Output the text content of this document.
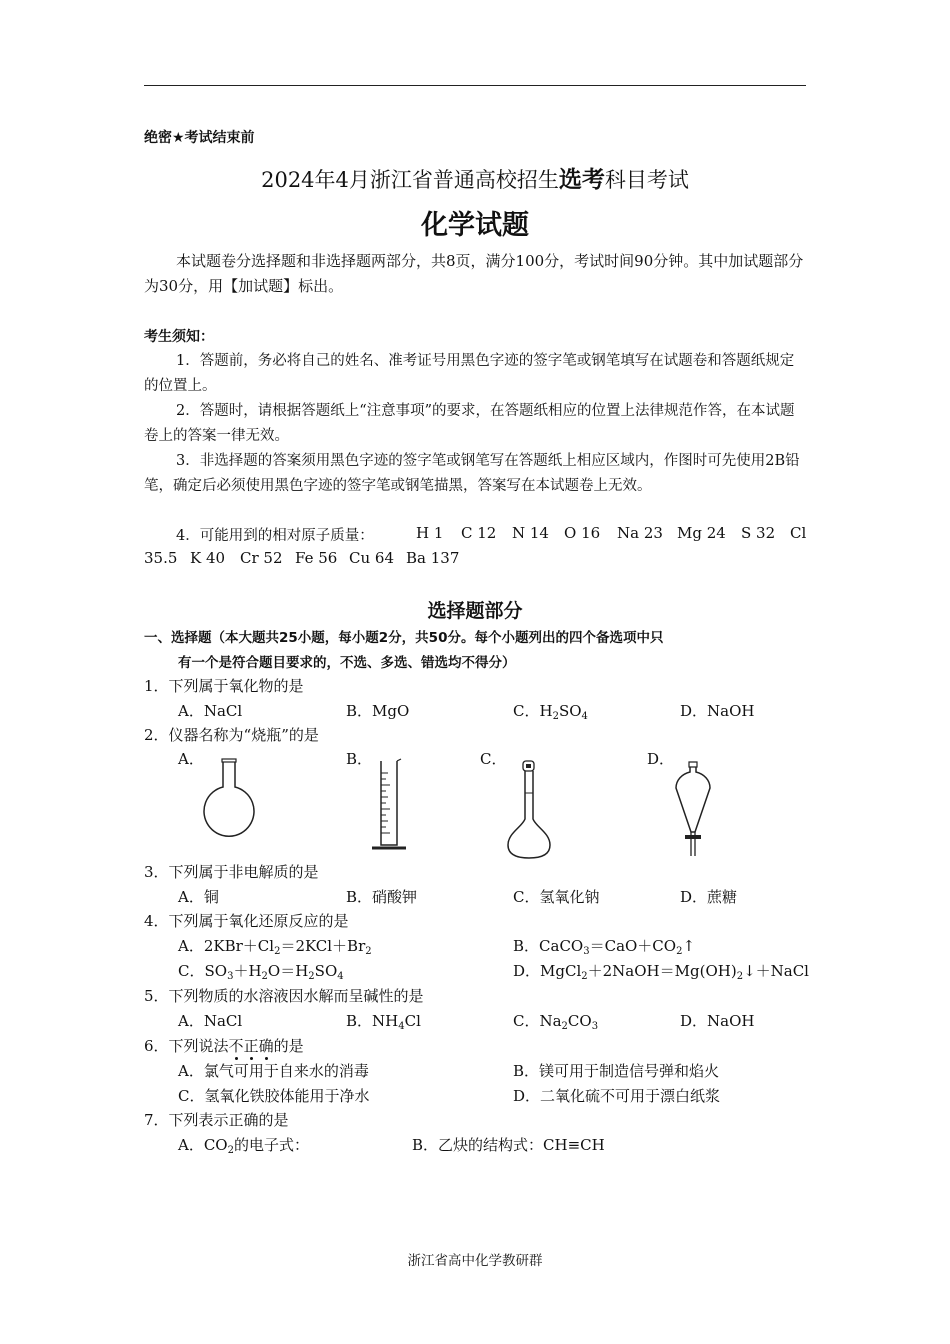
绝密★考试结束前
2024年4月浙江省普通高校招生选考科目考试
化学试题
本试题卷分选择题和非选择题两部分，共8页，满分100分，考试时间90分钟。其中加试题部分为30分，用【加试题】标出。
考生须知：
1．答题前，务必将自己的姓名、准考证号用黑色字迹的签字笔或钢笔填写在试题卷和答题纸规定的位置上。
2．答题时，请根据答题纸上“注意事项”的要求，在答题纸相应的位置上法律规范作答，在本试题卷上的答案一律无效。
3．非选择题的答案须用黑色字迹的签字笔或钢笔写在答题纸上相应区域内，作图时可先使用2B铅笔，确定后必须使用黑色字迹的签字笔或钢笔描黑，答案写在本试题卷上无效。
4．可能用到的相对原子质量：	H 1 C 12 N 14 O 16 Na 23 Mg 24 S 32 Cl
35.5 K 40 Cr 52 Fe 56 Cu 64 Ba 137
选择题部分
一、选择题（本大题共25小题，每小题2分，共50分。每个小题列出的四个备选项中只
有一个是符合题目要求的，不选、多选、错选均不得分）
1．下列属于氧化物的是
A．NaCl	B．MgO	C．$H_2SO_4$	D．NaOH
2．仪器名称为“烧瓶”的是
A．	B．	C．	D．
3．下列属于非电解质的是
A．铜	B．硝酸钾	C．氢氧化钠	D．蔗糖
4．下列属于氧化还原反应的是
A．$2KBr+Cl_2=2KCl+Br_2$	B．$CaCO_3=CaO+CO_2↑$
C．$SO_3+H_2O=H_2SO_4$	D．$MgCl_2+2NaOH=Mg(OH)_2↓+NaCl$
5．下列物质的水溶液因水解而呈碱性的是
A．NaCl	B．$NH_4Cl$	C．$Na_2CO_3$	D．NaOH
6．下列说法不正确的是
A．氯气可用于自来水的消毒	B．镁可用于制造信号弹和焰火
C．氢氧化铁胶体能用于净水	D．二氧化硫不可用于漂白纸浆
7．下列表示正确的是
A．$CO_2$的电子式：	B．乙炔的结构式：CH≡CH
浙江省高中化学教研群
